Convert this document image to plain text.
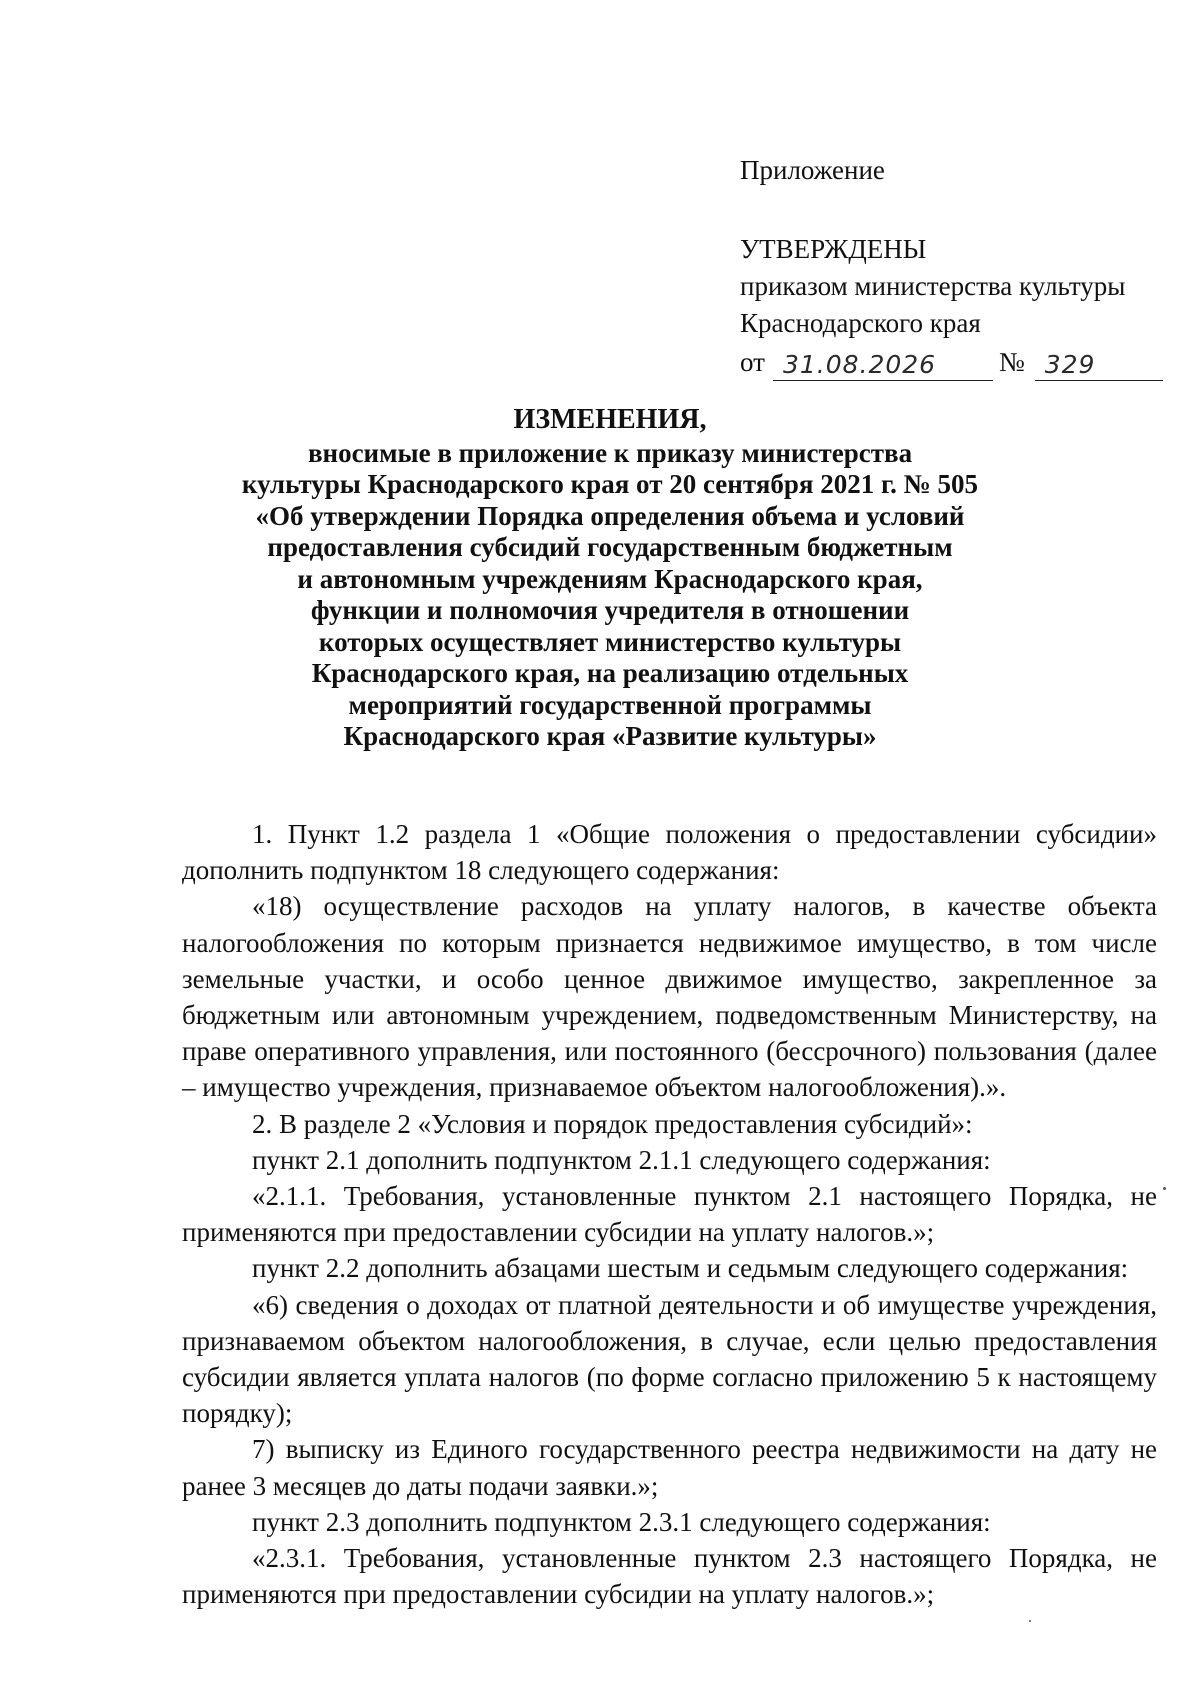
Приложение
УТВЕРЖДЕНЫ
приказом министерства культуры
Краснодарского края
от 31.08.2026	№ 329
ИЗМЕНЕНИЯ,
вносимые в приложение к приказу министерства
культуры Краснодарского края от 20 сентября 2021 г. № 505
«Об утверждении Порядка определения объема и условий
предоставления субсидий государственным бюджетным
и автономным учреждениям Краснодарского края,
функции и полномочия учредителя в отношении
которых осуществляет министерство культуры
Краснодарского края, на реализацию отдельных
мероприятий государственной программы
Краснодарского края «Развитие культуры»

1. Пункт 1.2 раздела 1 «Общие положения о предоставлении субсидии» дополнить подпунктом 18 следующего содержания:

«18) осуществление расходов на уплату налогов, в качестве объекта налогообложения по которым признается недвижимое имущество, в том числе земельные участки, и особо ценное движимое имущество, закрепленное за бюджетным или автономным учреждением, подведомственным Министерству, на праве оперативного управления, или постоянного (бессрочного) пользования (далее – имущество учреждения, признаваемое объектом налогообложения).».

2. В разделе 2 «Условия и порядок предоставления субсидий»:

пункт 2.1 дополнить подпунктом 2.1.1 следующего содержания:

«2.1.1. Требования, установленные пунктом 2.1 настоящего Порядка, не применяются при предоставлении субсидии на уплату налогов.»;

пункт 2.2 дополнить абзацами шестым и седьмым следующего содержания:

«6) сведения о доходах от платной деятельности и об имуществе учреждения, признаваемом объектом налогообложения, в случае, если целью предоставления субсидии является уплата налогов (по форме согласно приложению 5 к настоящему порядку);

7) выписку из Единого государственного реестра недвижимости на дату не ранее 3 месяцев до даты подачи заявки.»;

пункт 2.3 дополнить подпунктом 2.3.1 следующего содержания:

«2.3.1. Требования, установленные пунктом 2.3 настоящего Порядка, не применяются при предоставлении субсидии на уплату налогов.»;
